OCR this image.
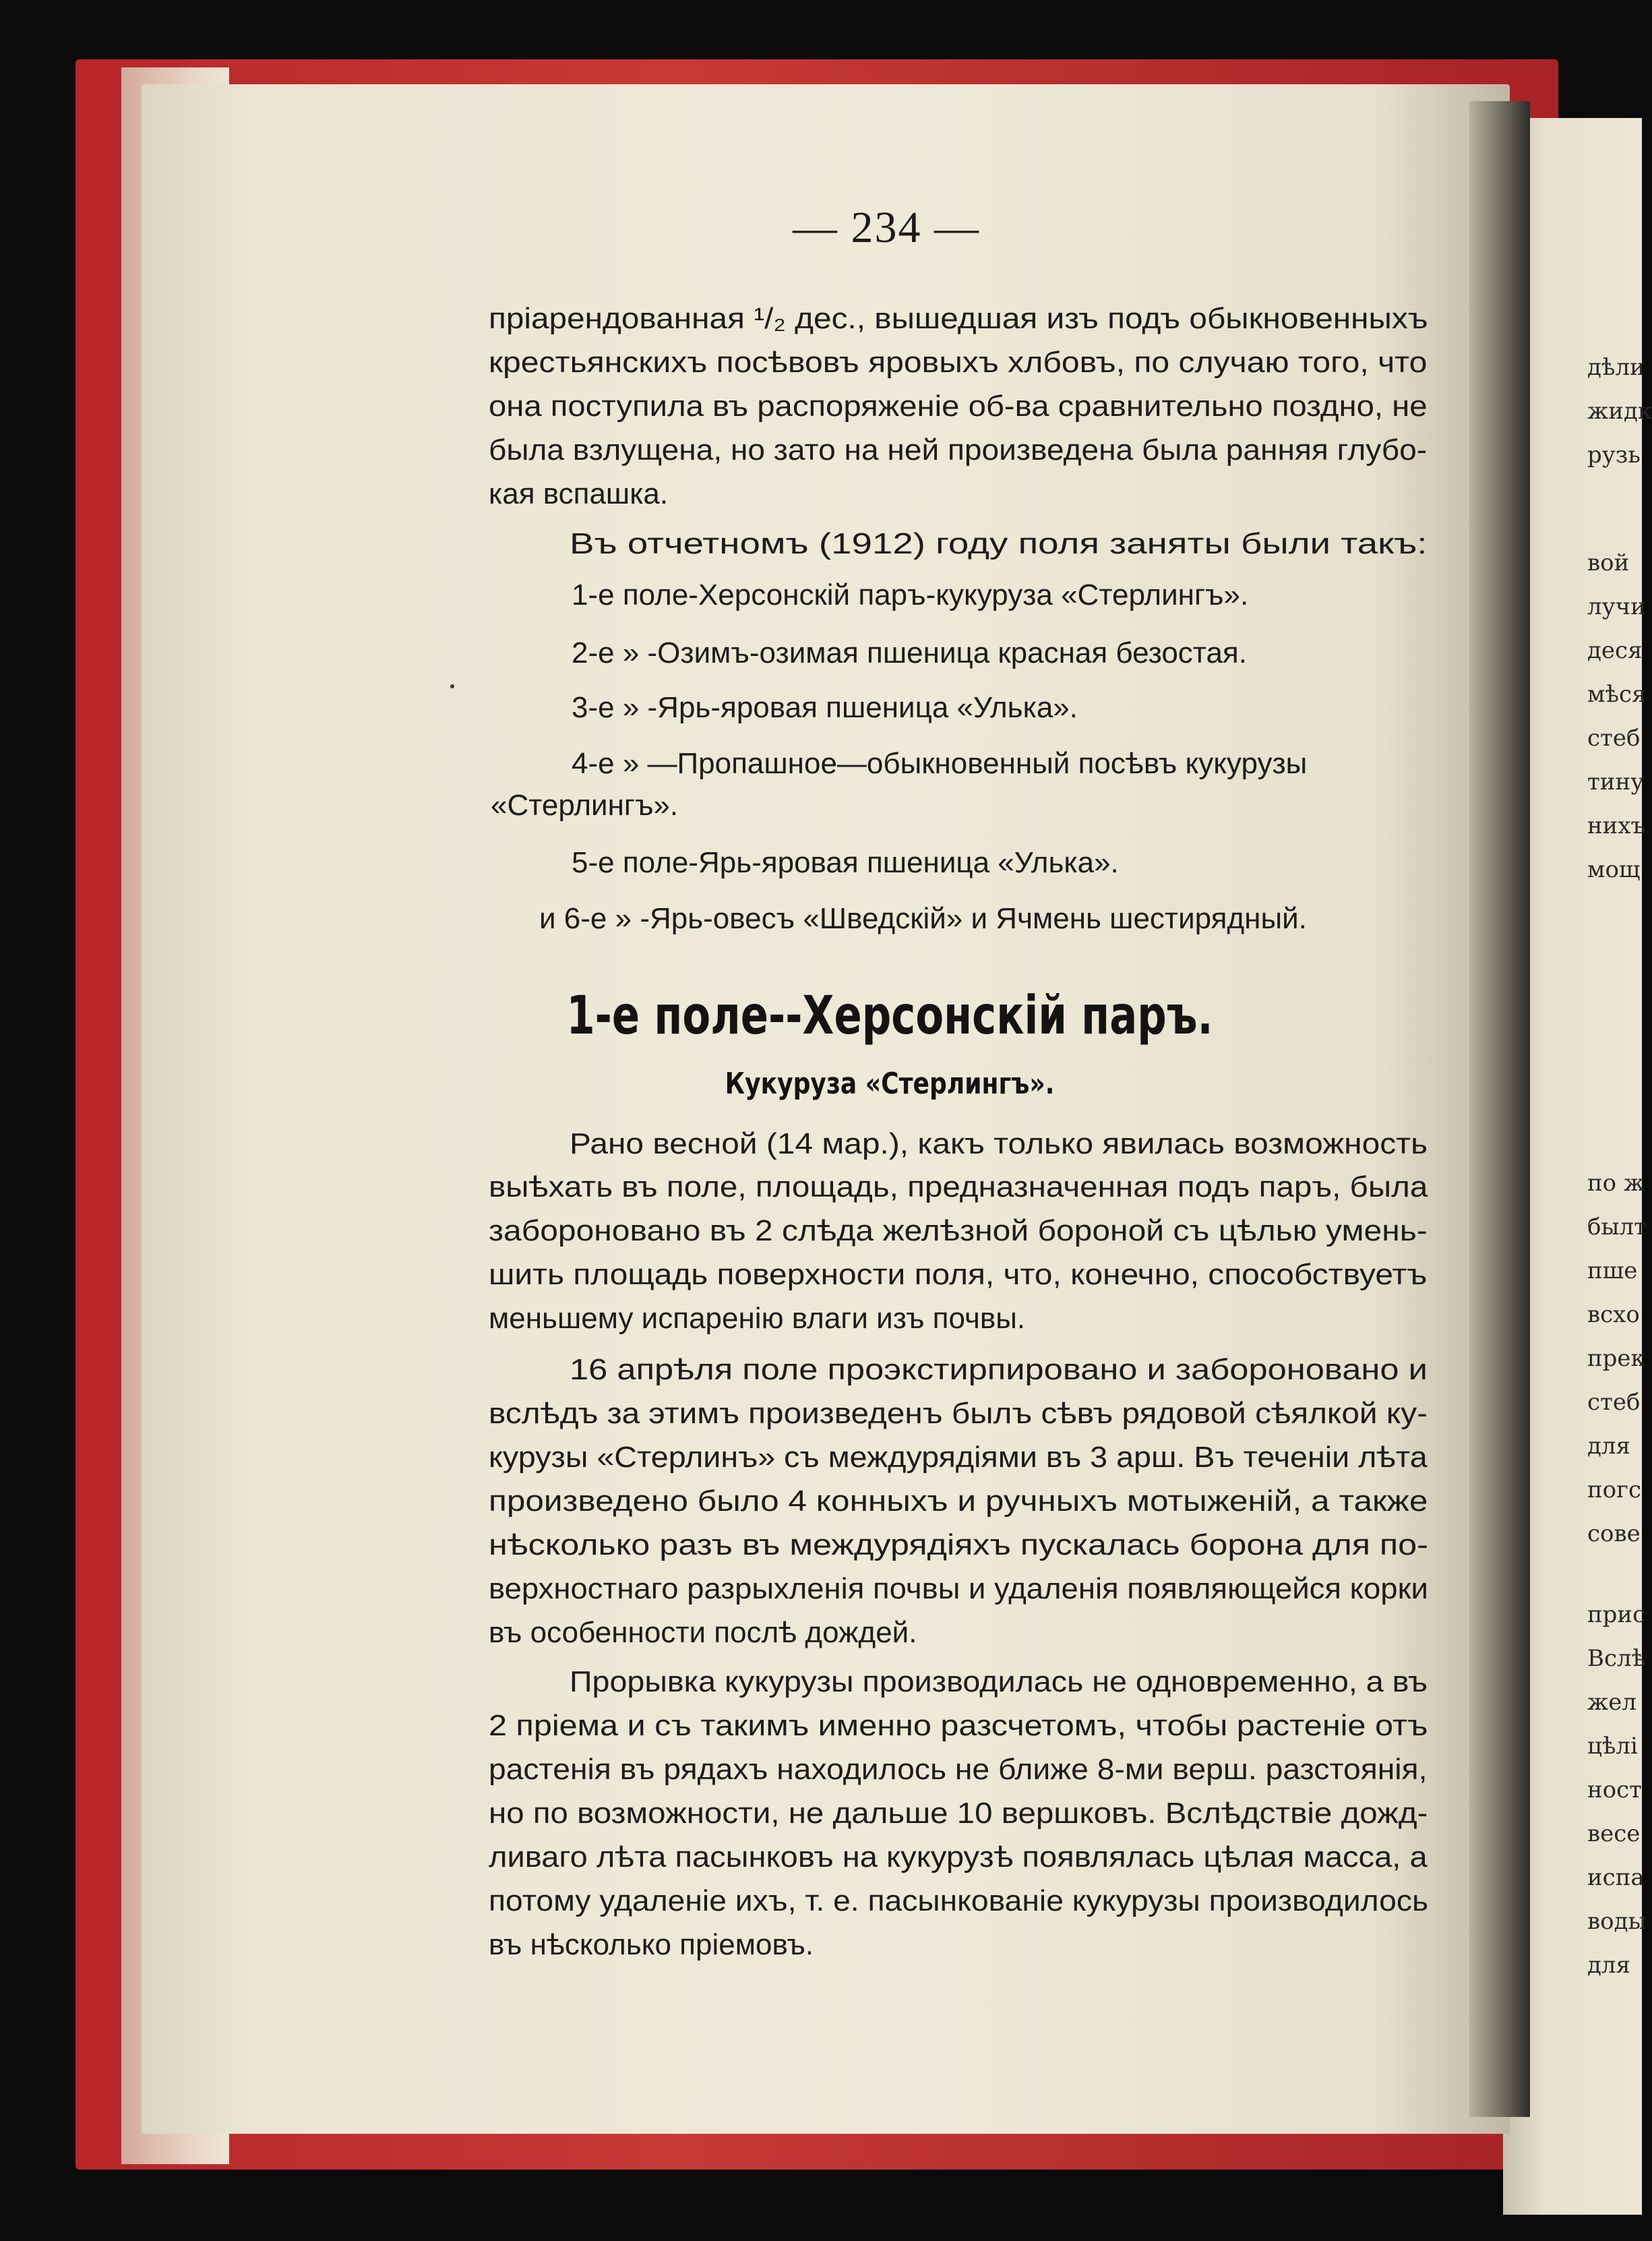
дѣли
жидк
рузь
вой
лучи
деся
мѣся
стеб
тину
нихъ
мощ
по ж
былт
пше
всхо
прек
стеб
для
погс
сове
прис
Вслѣ
жел
цѣлі
ност
весе
испа
воды
для
— 234 —
пріарендованная ¹/₂ дес., вышедшая изъ подъ обыкновенныхъ
крестьянскихъ посѣвовъ яровыхъ хлбовъ, по случаю того, что
она поступила въ распоряженіе об-ва сравнительно поздно, не
была взлущена, но зато на ней произведена была ранняя глубо-
кая вспашка.
Въ отчетномъ (1912) году поля заняты были такъ:
1-е поле-Херсонскій паръ-кукуруза «Стерлингъ».
2-е » -Озимъ-озимая пшеница красная безостая.
3-е » -Ярь-яровая пшеница «Улька».
4-е » —Пропашное—обыкновенный посѣвъ кукурузы
«Стерлингъ».
5-е поле-Ярь-яровая пшеница «Улька».
и 6-е » -Ярь-овесъ «Шведскій» и Ячмень шестирядный.
1-е поле--Херсонскій паръ.
Кукуруза «Стерлингъ».
Рано весной (14 мар.), какъ только явилась возможность
выѣхать въ поле, площадь, предназначенная подъ паръ, была
забороновано въ 2 слѣда желѣзной бороной съ цѣлью умень-
шить площадь поверхности поля, что, конечно, способствуетъ
меньшему испаренію влаги изъ почвы.
16 апрѣля поле проэкстирпировано и забороновано и
вслѣдъ за этимъ произведенъ былъ сѣвъ рядовой сѣялкой ку-
курузы «Стерлинъ» съ междурядіями въ 3 арш. Въ теченіи лѣта
произведено было 4 конныхъ и ручныхъ мотыженій, а также
нѣсколько разъ въ междурядіяхъ пускалась борона для по-
верхностнаго разрыхленія почвы и удаленія появляющейся корки
въ особенности послѣ дождей.
Прорывка кукурузы производилась не одновременно, а въ
2 пріема и съ такимъ именно разсчетомъ, чтобы растеніе отъ
растенія въ рядахъ находилось не ближе 8-ми верш. разстоянія,
но по возможности, не дальше 10 вершковъ. Вслѣдствіе дожд-
ливаго лѣта пасынковъ на кукурузѣ появлялась цѣлая масса, а
потому удаленіе ихъ, т. е. пасынкованіе кукурузы производилось
въ нѣсколько пріемовъ.
